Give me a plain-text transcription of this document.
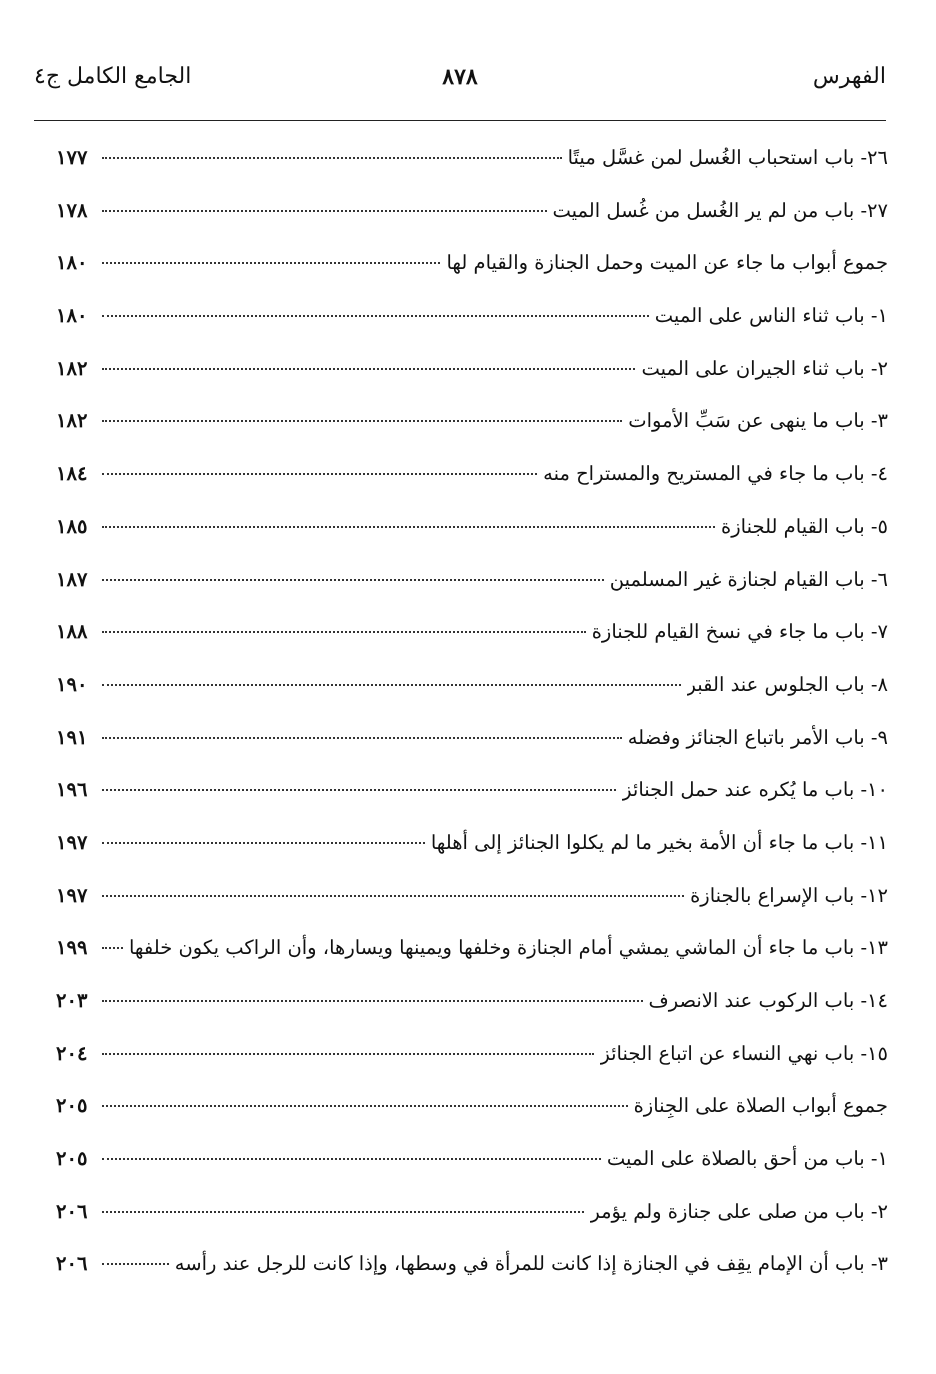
الفهرس
٨٧٨
الجامع الكامل ج٤
٢٦- باب استحباب الغُسل لمن غسَّل ميتًا
١٧٧
٢٧- باب من لم ير الغُسل من غُسل الميت
١٧٨
جموع أبواب ما جاء عن الميت وحمل الجنازة والقيام لها
١٨٠
١- باب ثناء الناس على الميت
١٨٠
٢- باب ثناء الجيران على الميت
١٨٢
٣- باب ما ينهى عن سَبِّ الأموات
١٨٢
٤- باب ما جاء في المستريح والمستراح منه
١٨٤
٥- باب القيام للجنازة
١٨٥
٦- باب القيام لجنازة غير المسلمين
١٨٧
٧- باب ما جاء في نسخ القيام للجنازة
١٨٨
٨- باب الجلوس عند القبر
١٩٠
٩- باب الأمر باتباع الجنائز وفضله
١٩١
١٠- باب ما يُكره عند حمل الجنائز
١٩٦
١١- باب ما جاء أن الأمة بخير ما لم يكلوا الجنائز إلى أهلها
١٩٧
١٢- باب الإسراع بالجنازة
١٩٧
١٣- باب ما جاء أن الماشي يمشي أمام الجنازة وخلفها ويمينها ويسارها، وأن الراكب يكون خلفها
١٩٩
١٤- باب الركوب عند الانصرف
٢٠٣
١٥- باب نهي النساء عن اتباع الجنائز
٢٠٤
جموع أبواب الصلاة على الجِنازة
٢٠٥
١- باب من أحق بالصلاة على الميت
٢٠٥
٢- باب من صلى على جنازة ولم يؤمر
٢٠٦
٣- باب أن الإمام يقِف في الجنازة إذا كانت للمرأة في وسطها، وإذا كانت للرجل عند رأسه
٢٠٦
